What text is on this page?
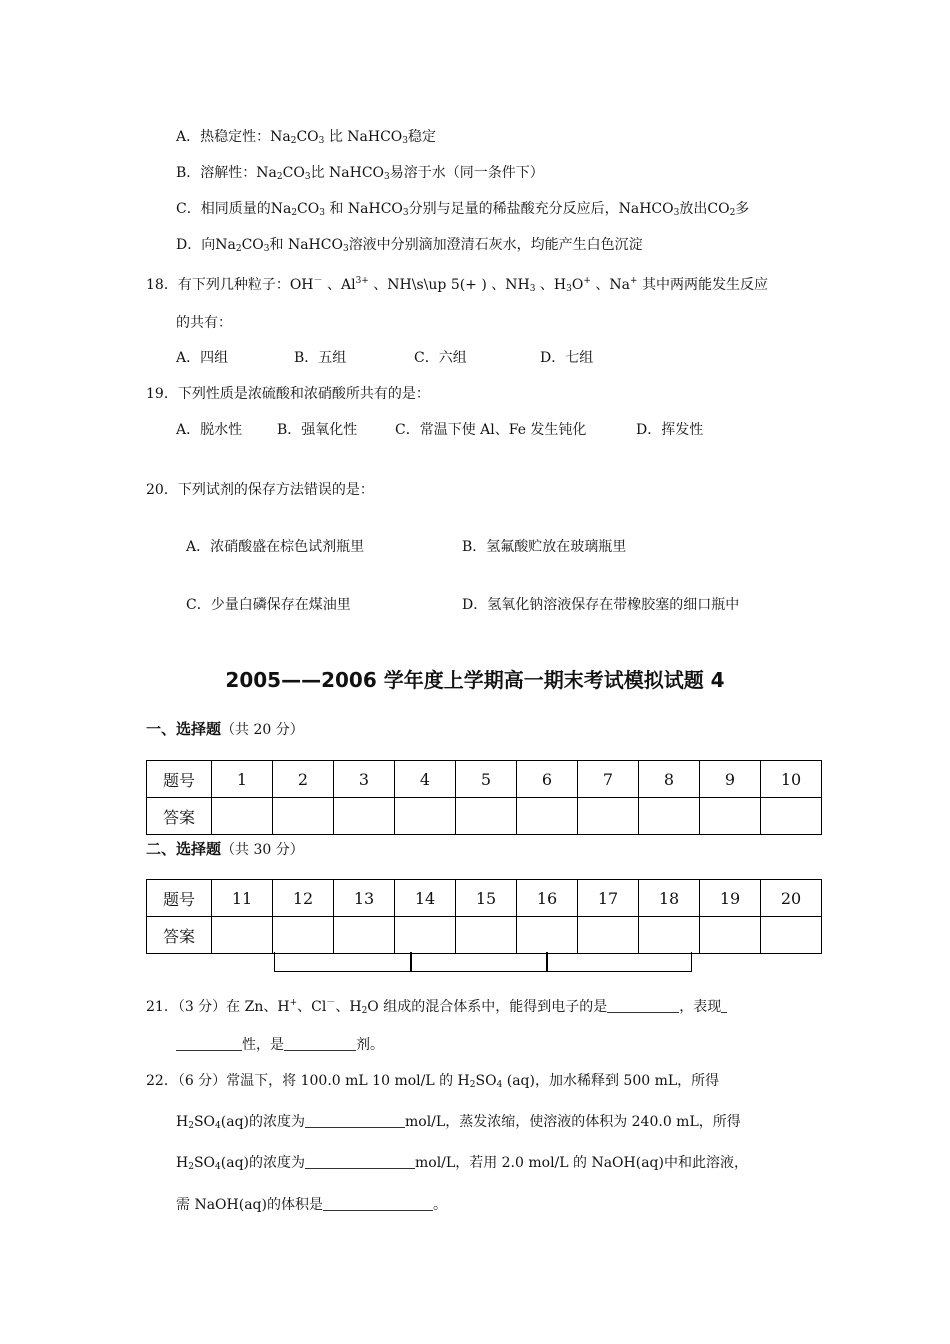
A．热稳定性：$Na_2CO_3$ 比 NaHCO$_3$稳定
B．溶解性：$Na_2CO_3$比 NaHCO$_3$易溶于水（同一条件下）
C．相同质量的$Na_2CO_3$ 和 NaHCO$_3$分别与足量的稀盐酸充分反应后，NaHCO$_3$放出$CO_2$多
D．向$Na_2CO_3$和 NaHCO$_3$溶液中分别滴加澄清石灰水，均能产生白色沉淀
18．有下列几种粒子：OH－ 、$Al^{3+}$ 、NH\s\up 5(+ ) 、$NH_3$ 、$H_3O^+$ 、Na+ 其中两两能发生反应
的共有：
A．四组	B．五组	C．六组	D．七组
19．下列性质是浓硫酸和浓硝酸所共有的是：
A．脱水性 B．强氧化性	C．常温下使 Al、Fe 发生钝化	D．挥发性
20．下列试剂的保存方法错误的是：
A．浓硝酸盛在棕色试剂瓶里	B．氢氟酸贮放在玻璃瓶里
C．少量白磷保存在煤油里	D．氢氧化钠溶液保存在带橡胶塞的细口瓶中
2005——2006 学年度上学期高一期末考试模拟试题 4
一、选择题（共 20 分）
题号	1	2	3	4	5	6	7	8	9	10
答案										
二、选择题（共 30 分）
题号	11	12	13	14	15	16	17	18	19	20
答案										
21．（3 分）在 Zn、H+、Cl－、$H_2O$ 组成的混合体系中，能得到电子的是	，表现
性，是	剂。
22．（6 分）常温下，将 100.0 mL 10 mol/L 的 $H_2SO_4$ (aq)，加水稀释到 500 mL，所得
$H_2SO_4(aq)$的浓度为	mol/L，蒸发浓缩，使溶液的体积为 240.0 mL，所得
$H_2SO_4(aq)$的浓度为	mol/L，若用 2.0 mol/L 的 NaOH(aq)中和此溶液，
需 NaOH(aq)的体积是	。
